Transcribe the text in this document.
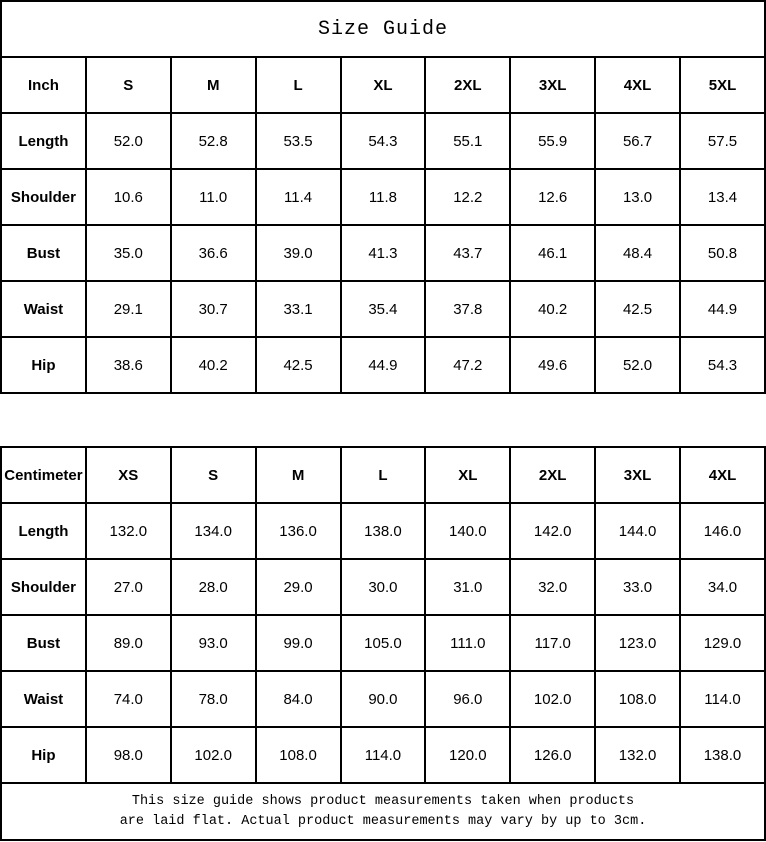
Size Guide
Inch	S	M	L	XL	2XL	3XL	4XL	5XL
Length	52.0	52.8	53.5	54.3	55.1	55.9	56.7	57.5
Shoulder	10.6	11.0	11.4	11.8	12.2	12.6	13.0	13.4
Bust	35.0	36.6	39.0	41.3	43.7	46.1	48.4	50.8
Waist	29.1	30.7	33.1	35.4	37.8	40.2	42.5	44.9
Hip	38.6	40.2	42.5	44.9	47.2	49.6	52.0	54.3
Centimeter	XS	S	M	L	XL	2XL	3XL	4XL
Length	132.0	134.0	136.0	138.0	140.0	142.0	144.0	146.0
Shoulder	27.0	28.0	29.0	30.0	31.0	32.0	33.0	34.0
Bust	89.0	93.0	99.0	105.0	111.0	117.0	123.0	129.0
Waist	74.0	78.0	84.0	90.0	96.0	102.0	108.0	114.0
Hip	98.0	102.0	108.0	114.0	120.0	126.0	132.0	138.0
This size guide shows product measurements taken when products
are laid flat. Actual product measurements may vary by up to 3cm.
